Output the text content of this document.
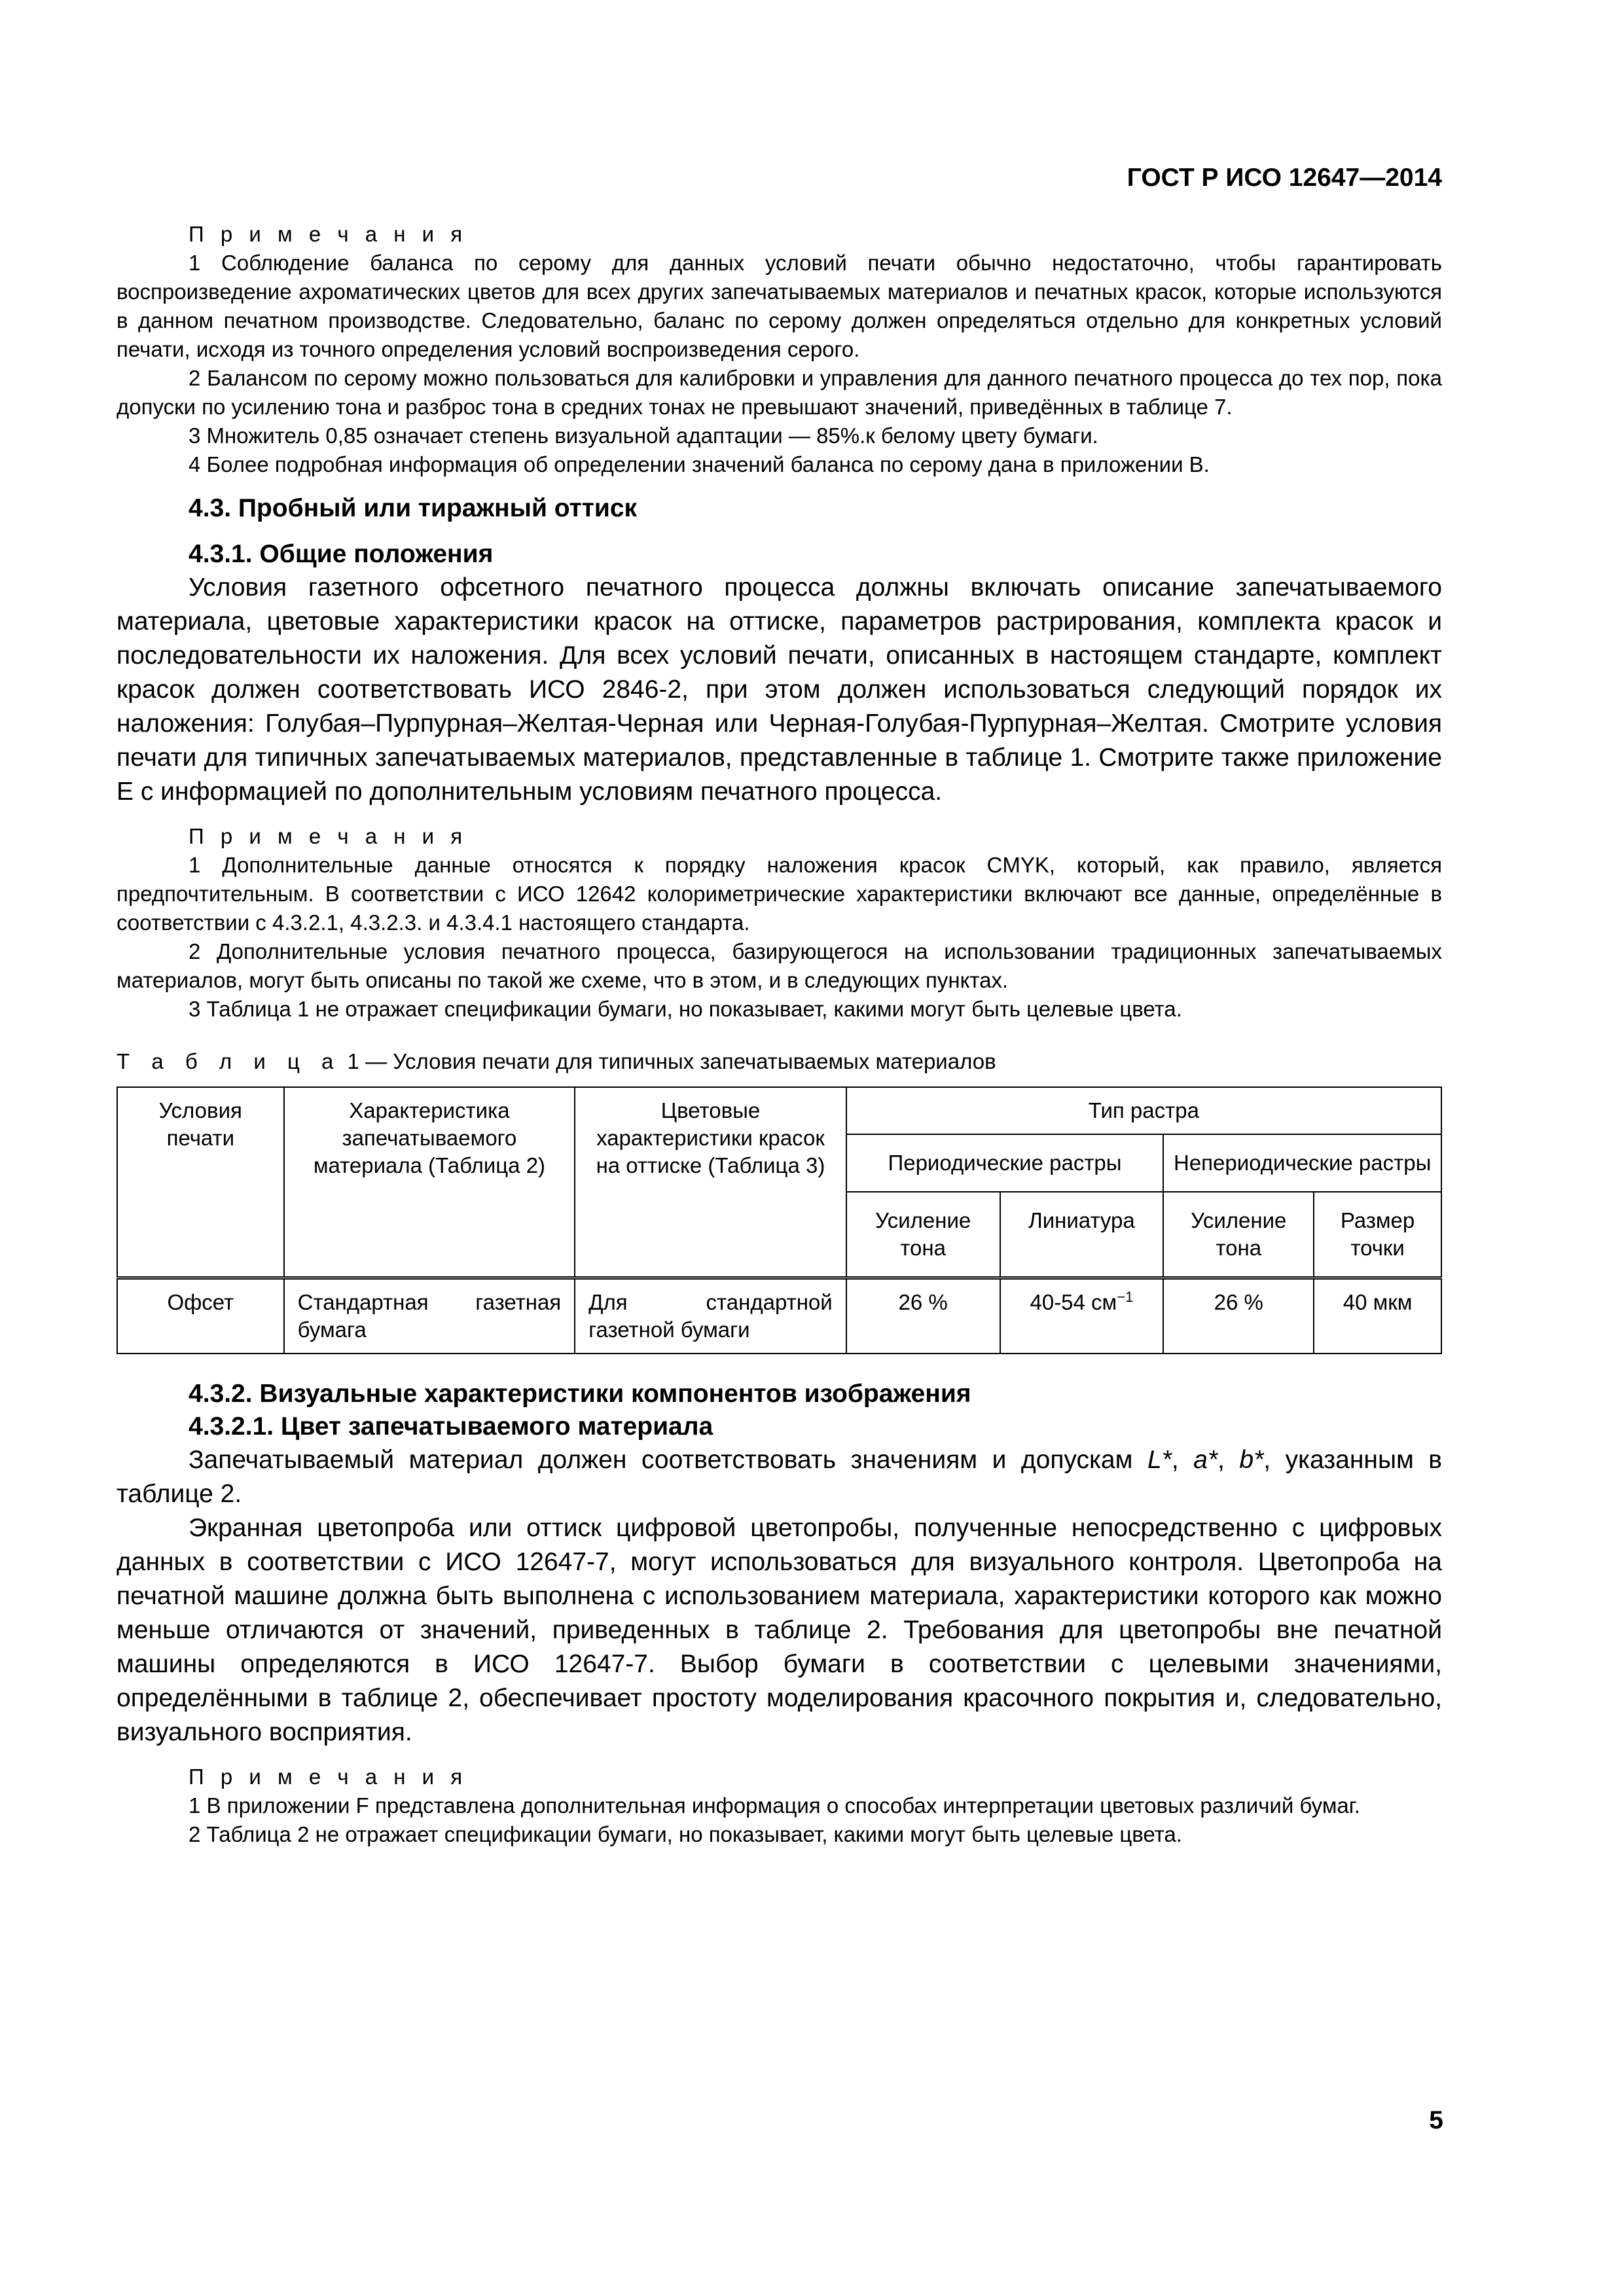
ГОСТ Р ИСО 12647—2014

П р и м е ч а н и я

1 Соблюдение баланса по серому для данных условий печати обычно недостаточно, чтобы гарантировать воспроизведение ахроматических цветов для всех других запечатываемых материалов и печатных красок, которые используются в данном печатном производстве. Следовательно, баланс по серому должен определяться отдельно для конкретных условий печати, исходя из точного определения условий воспроизведения серого.

2 Балансом по серому можно пользоваться для калибровки и управления для данного печатного процесса до тех пор, пока допуски по усилению тона и разброс тона в средних тонах не превышают значений, приведённых в таблице 7.

3 Множитель 0,85 означает степень визуальной адаптации — 85%.к белому цвету бумаги.

4 Более подробная информация об определении значений баланса по серому дана в приложении В.

4.3. Пробный или тиражный оттиск

4.3.1. Общие положения

Условия газетного офсетного печатного процесса должны включать описание запечатываемого материала, цветовые характеристики красок на оттиске, параметров растрирования, комплекта красок и последовательности их наложения. Для всех условий печати, описанных в настоящем стандарте, комплект красок должен соответствовать ИСО 2846-2, при этом должен использоваться следующий порядок их наложения: Голубая–Пурпурная–Желтая-Черная или Черная-Голубая-Пурпурная–Желтая. Смотрите условия печати для типичных запечатываемых материалов, представленные в таблице 1. Смотрите также приложение Е с информацией по дополнительным условиям печатного процесса.

П р и м е ч а н и я

1 Дополнительные данные относятся к порядку наложения красок CMYK, который, как правило, является предпочтительным. В соответствии с ИСО 12642 колориметрические характеристики включают все данные, определённые в соответствии с 4.3.2.1, 4.3.2.3. и 4.3.4.1 настоящего стандарта.

2 Дополнительные условия печатного процесса, базирующегося на использовании традиционных запечатываемых материалов, могут быть описаны по такой же схеме, что в этом, и в следующих пунктах.

3 Таблица 1 не отражает спецификации бумаги, но показывает, какими могут быть целевые цвета.

Т а б л и ц а 1 — Условия печати для типичных запечатываемых материалов

Условия печати	Характеристика запечатываемого материала (Таблица 2)	Цветовые характеристики красок на оттиске (Таблица 3)	Тип растра			
			Периодические растры		Непериодические растры	
			Усиление тона	Линиатура	Усиление тона	Размер точки
Офсет	Стандартная газетная бумага	Для стандартной газетной бумаги	26 %	40-54 $см^{-1}$	26 %	40 мкм

4.3.2. Визуальные характеристики компонентов изображения

4.3.2.1. Цвет запечатываемого материала

Запечатываемый материал должен соответствовать значениям и допускам L*, a*, b*, указанным в таблице 2.

Экранная цветопроба или оттиск цифровой цветопробы, полученные непосредственно с цифровых данных в соответствии с ИСО 12647-7, могут использоваться для визуального контроля. Цветопроба на печатной машине должна быть выполнена с использованием материала, характеристики которого как можно меньше отличаются от значений, приведенных в таблице 2. Требования для цветопробы вне печатной машины определяются в ИСО 12647-7. Выбор бумаги в соответствии с целевыми значениями, определёнными в таблице 2, обеспечивает простоту моделирования красочного покрытия и, следовательно, визуального восприятия.

П р и м е ч а н и я

1 В приложении F представлена дополнительная информация о способах интерпретации цветовых различий бумаг.

2 Таблица 2 не отражает спецификации бумаги, но показывает, какими могут быть целевые цвета.

5
